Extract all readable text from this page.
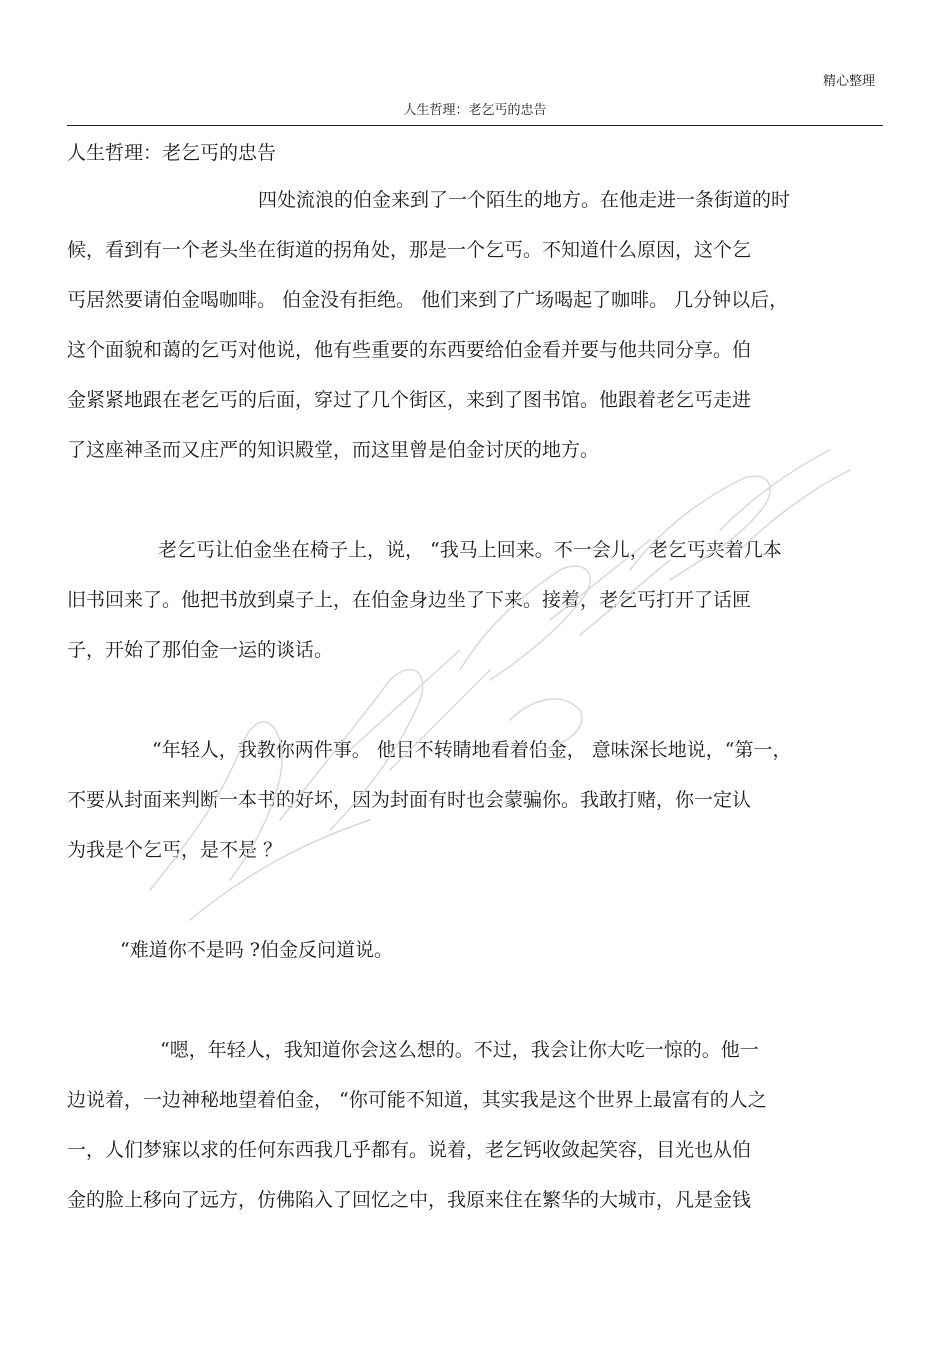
精心整理
人生哲理：老乞丐的忠告
人生哲理：老乞丐的忠告
四处流浪的伯金来到了一个陌生的地方。在他走进一条街道的时
候，看到有一个老头坐在街道的拐角处，那是一个乞丐。不知道什么原因，这个乞
丐居然要请伯金喝咖啡。 伯金没有拒绝。 他们来到了广场喝起了咖啡。 几分钟以后，
这个面貌和蔼的乞丐对他说，他有些重要的东西要给伯金看并要与他共同分享。伯
金紧紧地跟在老乞丐的后面，穿过了几个街区，来到了图书馆。他跟着老乞丐走进
了这座神圣而又庄严的知识殿堂，而这里曾是伯金讨厌的地方。
老乞丐让伯金坐在椅子上，说， “我马上回来。不一会儿，老乞丐夹着几本
旧书回来了。他把书放到桌子上，在伯金身边坐了下来。接着，老乞丐打开了话匣
子，开始了那伯金一运的谈话。
“年轻人，我教你两件事。 他目不转睛地看着伯金， 意味深长地说，“第一，
不要从封面来判断一本书的好坏，因为封面有时也会蒙骗你。我敢打赌，你一定认
为我是个乞丐，是不是 ？
“难道你不是吗 ?伯金反问道说。
“嗯，年轻人，我知道你会这么想的。不过，我会让你大吃一惊的。他一
边说着，一边神秘地望着伯金， “你可能不知道，其实我是这个世界上最富有的人之
一，人们梦寐以求的任何东西我几乎都有。说着，老乞钙收敛起笑容，目光也从伯
金的脸上移向了远方，仿佛陷入了回忆之中，我原来住在繁华的大城市，凡是金钱
